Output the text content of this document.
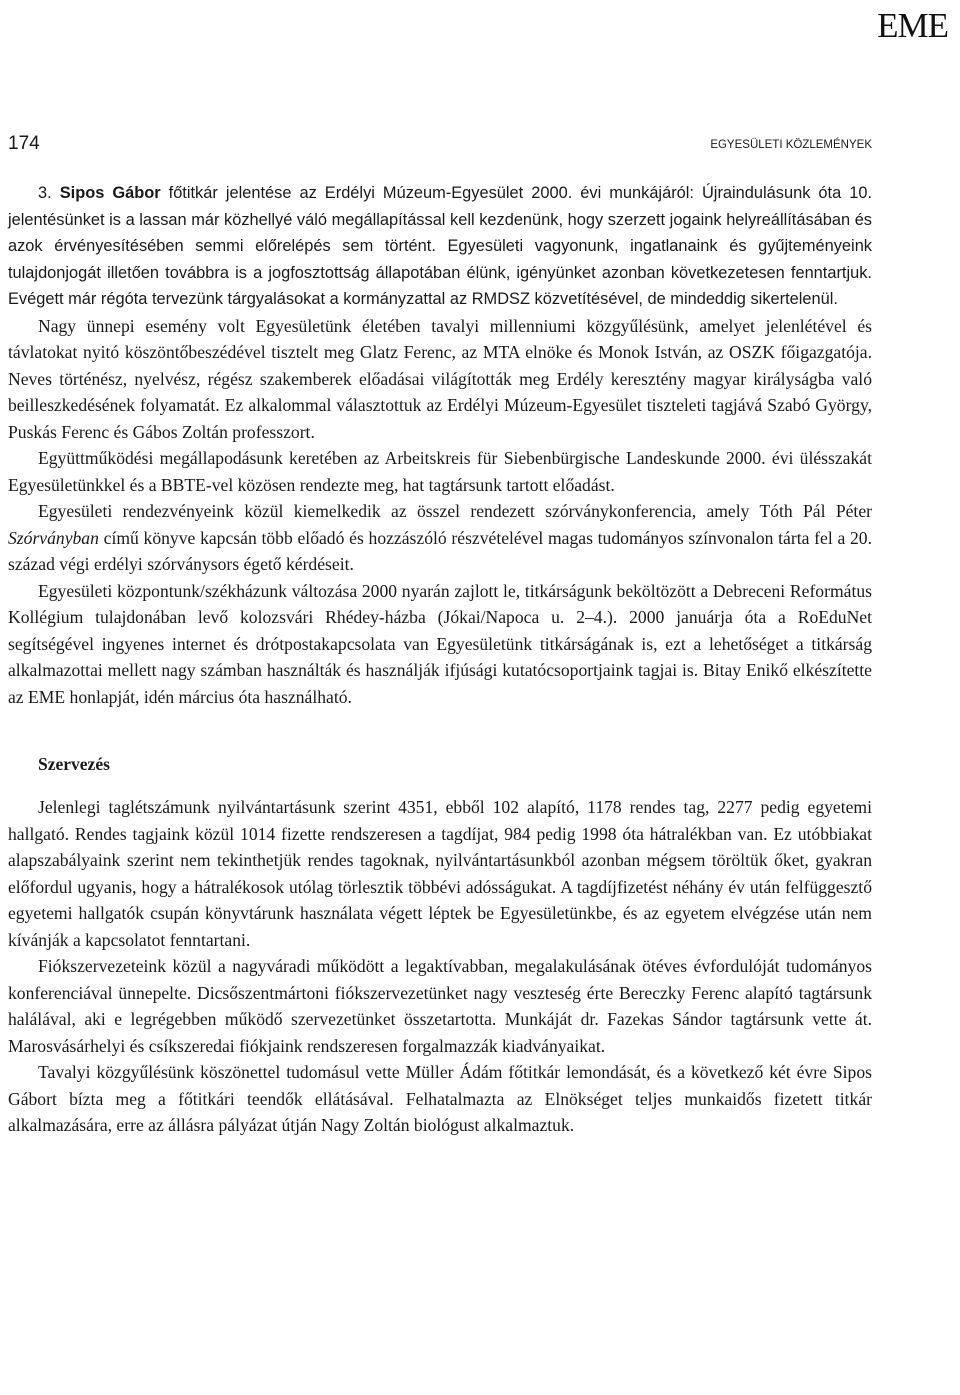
EME
174	EGYESÜLETI KÖZLEMÉNYEK

3. Sipos Gábor főtitkár jelentése az Erdélyi Múzeum-Egyesület 2000. évi munkájáról: Újraindulásunk óta 10. jelentésünket is a lassan már közhellyé váló megállapítással kell kezdenünk, hogy szerzett jogaink helyreállításában és azok érvényesítésében semmi előrelépés sem történt. Egyesületi vagyonunk, ingatlanaink és gyűjteményeink tulajdonjogát illetően továbbra is a jogfosztottság állapotában élünk, igényünket azonban következetesen fenntartjuk. Evégett már régóta tervezünk tárgyalásokat a kormányzattal az RMDSZ közvetítésével, de mindeddig sikertelenül.

Nagy ünnepi esemény volt Egyesületünk életében tavalyi millenniumi közgyűlésünk, amelyet jelenlétével és távlatokat nyitó köszöntőbeszédével tisztelt meg Glatz Ferenc, az MTA elnöke és Monok István, az OSZK főigazgatója. Neves történész, nyelvész, régész szakemberek előadásai világították meg Erdély keresztény magyar királyságba való beilleszkedésének folyamatát. Ez alkalommal választottuk az Erdélyi Múzeum-Egyesület tiszteleti tagjává Szabó György, Puskás Ferenc és Gábos Zoltán professzort.

Együttműködési megállapodásunk keretében az Arbeitskreis für Siebenbürgische Landeskunde 2000. évi ülésszakát Egyesületünkkel és a BBTE-vel közösen rendezte meg, hat tagtársunk tartott előadást.

Egyesületi rendezvényeink közül kiemelkedik az összel rendezett szórványkonferencia, amely Tóth Pál Péter Szórványban című könyve kapcsán több előadó és hozzászóló részvételével magas tudományos színvonalon tárta fel a 20. század végi erdélyi szórványsors égető kérdéseit.

Egyesületi központunk/székházunk változása 2000 nyarán zajlott le, titkárságunk beköltözött a Debreceni Református Kollégium tulajdonában levő kolozsvári Rhédey-házba (Jókai/Napoca u. 2–4.). 2000 januárja óta a RoEduNet segítségével ingyenes internet és drótpostakapcsolata van Egyesületünk titkárságának is, ezt a lehetőséget a titkárság alkalmazottai mellett nagy számban használták és használják ifjúsági kutatócsoportjaink tagjai is. Bitay Enikő elkészítette az EME honlapját, idén március óta használható.

Szervezés

Jelenlegi taglétszámunk nyilvántartásunk szerint 4351, ebből 102 alapító, 1178 rendes tag, 2277 pedig egyetemi hallgató. Rendes tagjaink közül 1014 fizette rendszeresen a tagdíjat, 984 pedig 1998 óta hátralékban van. Ez utóbbiakat alapszabályaink szerint nem tekinthetjük rendes tagoknak, nyilvántartásunkból azonban mégsem töröltük őket, gyakran előfordul ugyanis, hogy a hátralékosok utólag törlesztik többévi adósságukat. A tagdíjfizetést néhány év után felfüggesztő egyetemi hallgatók csupán könyvtárunk használata végett léptek be Egyesületünkbe, és az egyetem elvégzése után nem kívánják a kapcsolatot fenntartani.

Fiókszervezeteink közül a nagyváradi működött a legaktívabban, megalakulásának ötéves évfordulóját tudományos konferenciával ünnepelte. Dicsőszentmártoni fiókszervezetünket nagy veszteség érte Bereczky Ferenc alapító tagtársunk halálával, aki e legrégebben működő szervezetünket összetartotta. Munkáját dr. Fazekas Sándor tagtársunk vette át. Marosvásárhelyi és csíkszeredai fiókjaink rendszeresen forgalmazzák kiadványaikat.

Tavalyi közgyűlésünk köszönettel tudomásul vette Müller Ádám főtitkár lemondását, és a következő két évre Sipos Gábort bízta meg a főtitkári teendők ellátásával. Felhatalmazta az Elnökséget teljes munkaidős fizetett titkár alkalmazására, erre az állásra pályázat útján Nagy Zoltán biológust alkalmaztuk.
